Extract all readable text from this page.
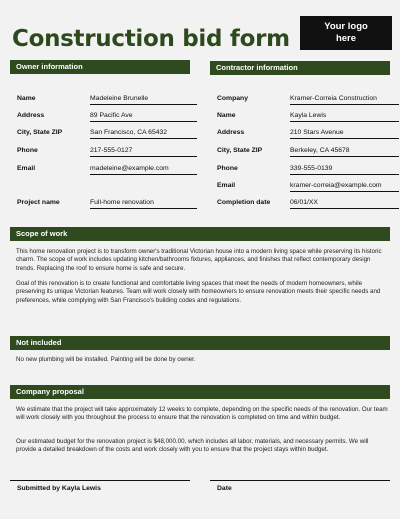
Construction bid form	Your logo
here
Owner information
Name	Madeleine Brunelle
Address	89 Pacific Ave
City, State ZIP	San Francisco, CA 65432
Phone	217-555-0127
Email	madeleine@example.com
Project name	Full-home renovation
Contractor information
Company	Kramer-Correia Construction
Name	Kayla Lewis
Address	210 Stars Avenue
City, State ZIP	Berkeley, CA 45678
Phone	339-555-0139
Email	kramer-correia@example.com
Completion date	06/01/XX
Scope of work

This home renovation project is to transform owner's traditional Victorian house into a modern living space while preserving its historic charm. The scope of work includes updating kitchen/bathrooms fixtures, appliances, and finishes that reflect contemporary design trends. Replacing the roof to ensure home is safe and secure.

Goal of this renovation is to create functional and comfortable living spaces that meet the needs of modern homeowners, while preserving its unique Victorian features. Team will work closely with homeowners to ensure renovation meets their specific needs and preferences, while complying with San Francisco's building codes and regulations.

Not included

No new plumbing will be installed. Painting will be done by owner.

Company proposal

We estimate that the project will take approximately 12 weeks to complete, depending on the specific needs of the renovation. Our team will work closely with you throughout the process to ensure that the renovation is completed on time and within budget.

Our estimated budget for the renovation project is $48,000.00, which includes all labor, materials, and necessary permits. We will provide a detailed breakdown of the costs and work closely with you to ensure that the project stays within budget.

Submitted by Kayla Lewis	Date
